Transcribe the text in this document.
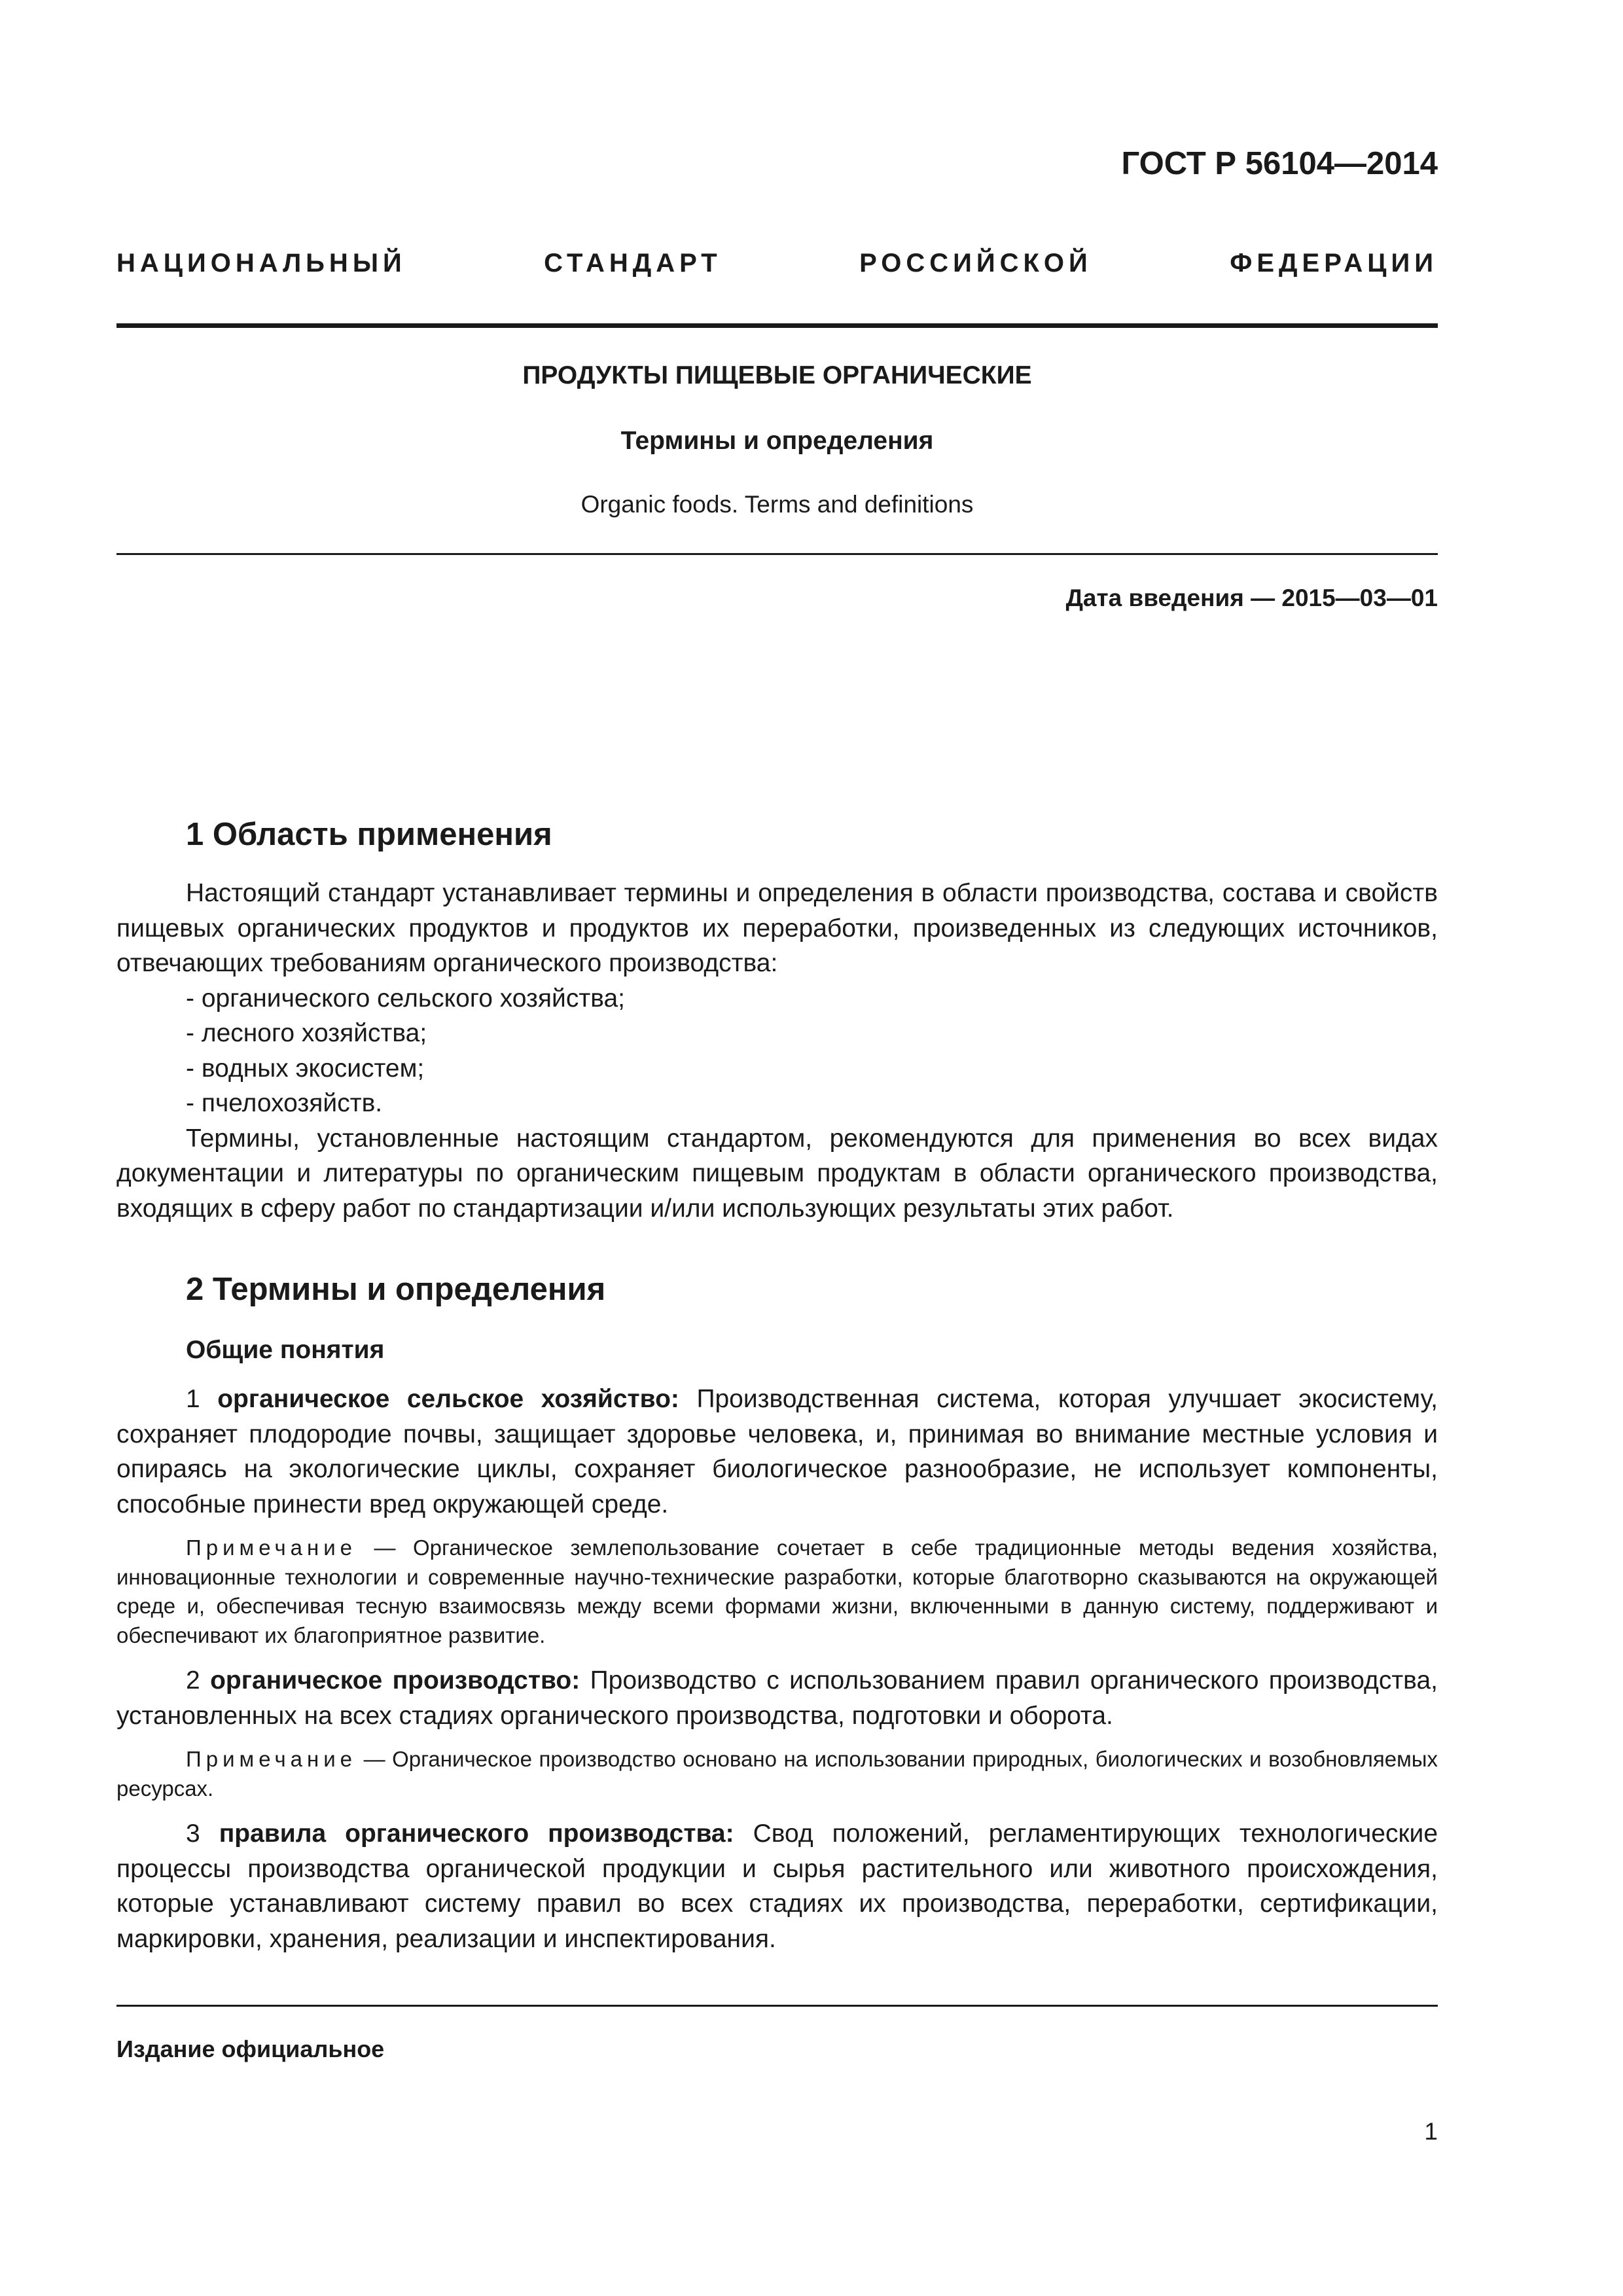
ГОСТ Р 56104—2014
НАЦИОНАЛЬНЫЙ	СТАНДАРТ	РОССИЙСКОЙ	ФЕДЕРАЦИИ
ПРОДУКТЫ ПИЩЕВЫЕ ОРГАНИЧЕСКИЕ
Термины и определения
Organic foods. Terms and definitions
Дата введения — 2015—03—01
1 Область применения

Настоящий стандарт устанавливает термины и определения в области производства, состава и свойств пищевых органических продуктов и продуктов их переработки, произведенных из следующих источников, отвечающих требованиям органического производства:

- органического сельского хозяйства;
- лесного хозяйства;
- водных экосистем;
- пчелохозяйств.

Термины, установленные настоящим стандартом, рекомендуются для применения во всех видах документации и литературы по органическим пищевым продуктам в области органического производства, входящих в сферу работ по стандартизации и/или использующих результаты этих работ.

2 Термины и определения
Общие понятия

1 органическое сельское хозяйство: Производственная система, которая улучшает экосистему, сохраняет плодородие почвы, защищает здоровье человека, и, принимая во внимание местные условия и опираясь на экологические циклы, сохраняет биологическое разнообразие, не использует компоненты, способные принести вред окружающей среде.

Примечание — Органическое землепользование сочетает в себе традиционные методы ведения хозяйства, инновационные технологии и современные научно-технические разработки, которые благотворно сказываются на окружающей среде и, обеспечивая тесную взаимосвязь между всеми формами жизни, включенными в данную систему, поддерживают и обеспечивают их благоприятное развитие.

2 органическое производство: Производство с использованием правил органического производства, установленных на всех стадиях органического производства, подготовки и оборота.

Примечание — Органическое производство основано на использовании природных, биологических и возобновляемых ресурсах.

3 правила органического производства: Свод положений, регламентирующих технологические процессы производства органической продукции и сырья растительного или животного происхождения, которые устанавливают систему правил во всех стадиях их производства, переработки, сертификации, маркировки, хранения, реализации и инспектирования.

Издание официальное
1
